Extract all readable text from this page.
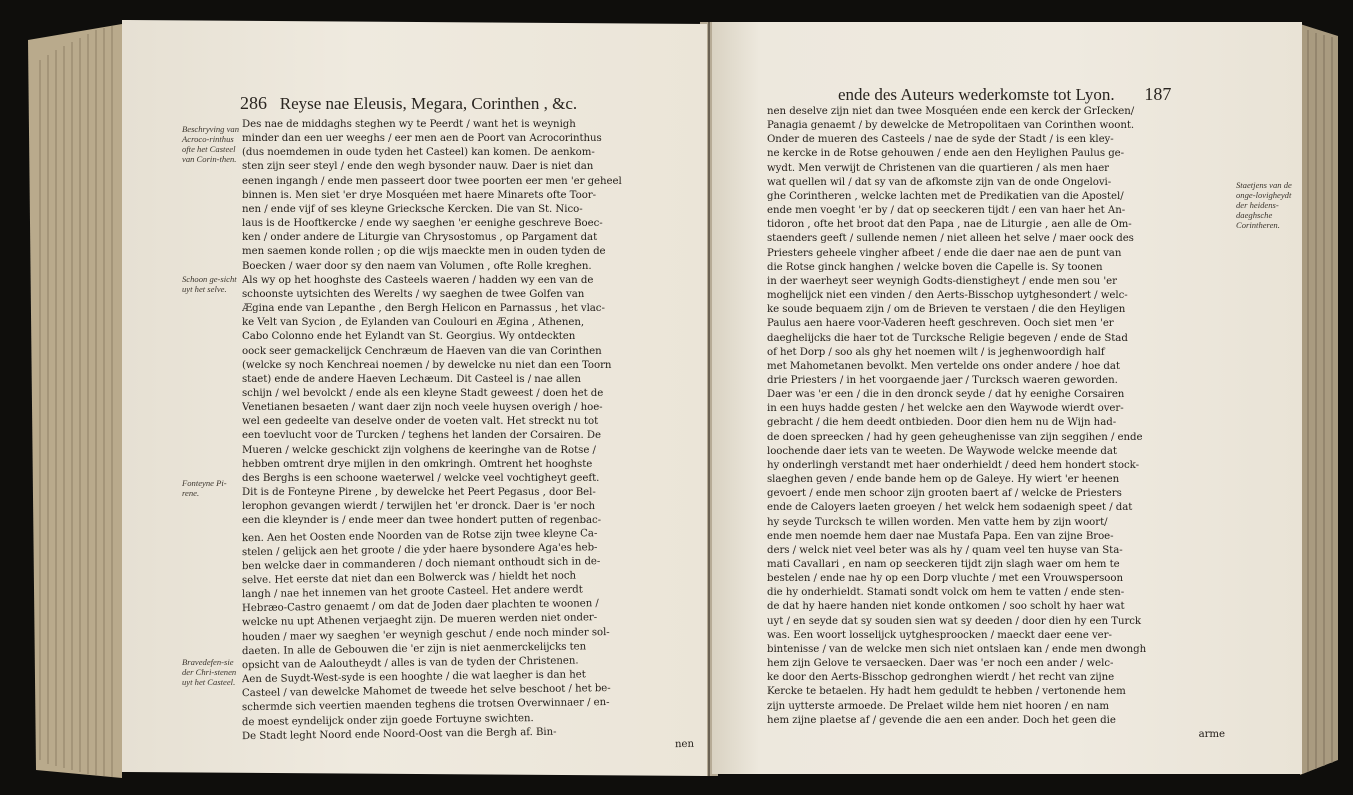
286 Reyse nae Eleusis, Megara, Corinthen , &c.	ende des Auteurs wederkomste tot Lyon. 187
Beschryving van Acroco-rinthus ofte het Casteel van Corin-then.
Schoon ge-sicht uyt het selve.
Fonteyne Pi-rene.
Bravedefen-sie der Chri-stenen uyt het Casteel.
Staetjens van de onge-lovigheydt der heidens-daeghsche Corintheren.

Des nae de middaghs steghen wy te Peerdt / want het is weynigh

minder dan een uer weeghs / eer men aen de Poort van Acrocorinthus

(dus noemdemen in oude tyden het Casteel) kan komen. De aenkom-

sten zijn seer steyl / ende den wegh bysonder nauw. Daer is niet dan

eenen ingangh / ende men passeert door twee poorten eer men 'er geheel

binnen is. Men siet 'er drye Mosquéen met haere Minarets ofte Toor-

nen / ende vijf of ses kleyne Griecksche Kercken. Die van St. Nico-

laus is de Hooftkercke / ende wy saeghen 'er eenighe geschreve Boec-

ken / onder andere de Liturgie van Chrysostomus , op Pargament dat

men saemen konde rollen ; op die wijs maeckte men in ouden tyden de

Boecken / waer door sy den naem van Volumen , ofte Rolle kreghen.

Als wy op het hooghste des Casteels waeren / hadden wy een van de

schoonste uytsichten des Werelts / wy saeghen de twee Golfen van

Ægina ende van Lepanthe , den Bergh Helicon en Parnassus , het vlac-

ke Velt van Sycion , de Eylanden van Coulouri en Ægina , Athenen,

Cabo Colonno ende het Eylandt van St. Georgius. Wy ontdeckten

oock seer gemackelijck Cenchræum de Haeven van die van Corinthen

(welcke sy noch Kenchreai noemen / by dewelcke nu niet dan een Toorn

staet) ende de andere Haeven Lechæum. Dit Casteel is / nae allen

schijn / wel bevolckt / ende als een kleyne Stadt geweest / doen het de

Venetianen besaeten / want daer zijn noch veele huysen overigh / hoe-

wel een gedeelte van deselve onder de voeten valt. Het streckt nu tot

een toevlucht voor de Turcken / teghens het landen der Corsairen. De

Mueren / welcke geschickt zijn volghens de keeringhe van de Rotse /

hebben omtrent drye mijlen in den omkringh. Omtrent het hooghste

des Berghs is een schoone waeterwel / welcke veel vochtigheyt geeft.

Dit is de Fonteyne Pirene , by dewelcke het Peert Pegasus , door Bel-

lerophon gevangen wierdt / terwijlen het 'er dronck. Daer is 'er noch

een die kleynder is / ende meer dan twee hondert putten of regenbac-

ken. Aen het Oosten ende Noorden van de Rotse zijn twee kleyne Ca-

stelen / gelijck aen het groote / die yder haere bysondere Aga'es heb-

ben welcke daer in commanderen / doch niemant onthoudt sich in de-

selve. Het eerste dat niet dan een Bolwerck was / hieldt het noch

langh / nae het innemen van het groote Casteel. Het andere werdt

Hebræo-Castro genaemt / om dat de Joden daer plachten te woonen /

welcke nu upt Athenen verjaeght zijn. De mueren werden niet onder-

houden / maer wy saeghen 'er weynigh geschut / ende noch minder sol-

daeten. In alle de Gebouwen die 'er zijn is niet aenmerckelijcks ten

opsicht van de Aaloutheydt / alles is van de tyden der Christenen.

Aen de Suydt-West-syde is een hooghte / die wat laegher is dan het

Casteel / van dewelcke Mahomet de tweede het selve beschoot / het be-

schermde sich veertien maenden teghens die trotsen Overwinnaer / en-

de moest eyndelijck onder zijn goede Fortuyne swichten.

De Stadt leght Noord ende Noord-Oost van die Bergh af. Bin-

nen

nen deselve zijn niet dan twee Mosquéen ende een kerck der GrIecken/

Panagia genaemt / by dewelcke de Metropolitaen van Corinthen woont.

Onder de mueren des Casteels / nae de syde der Stadt / is een kley-

ne kercke in de Rotse gehouwen / ende aen den Heylighen Paulus ge-

wydt. Men verwijt de Christenen van die quartieren / als men haer

wat quellen wil / dat sy van de afkomste zijn van de onde Ongelovi-

ghe Corintheren , welcke lachten met de Predikatien van die Apostel/

ende men voeght 'er by / dat op seeckeren tijdt / een van haer het An-

tidoron , ofte het broot dat den Papa , nae de Liturgie , aen alle de Om-

staenders geeft / sullende nemen / niet alleen het selve / maer oock des

Priesters geheele vingher afbeet / ende die daer nae aen de punt van

die Rotse ginck hanghen / welcke boven die Capelle is. Sy toonen

in der waerheyt seer weynigh Godts-dienstigheyt / ende men sou 'er

moghelijck niet een vinden / den Aerts-Bisschop uytghesondert / welc-

ke soude bequaem zijn / om de Brieven te verstaen / die den Heyligen

Paulus aen haere voor-Vaderen heeft geschreven. Ooch siet men 'er

daeghelijcks die haer tot de Turcksche Religie begeven / ende de Stad

of het Dorp / soo als ghy het noemen wilt / is jeghenwoordigh half

met Mahometanen bevolkt. Men vertelde ons onder andere / hoe dat

drie Priesters / in het voorgaende jaer / Turcksch waeren geworden.

Daer was 'er een / die in den dronck seyde / dat hy eenighe Corsairen

in een huys hadde gesten / het welcke aen den Waywode wierdt over-

gebracht / die hem deedt ontbieden. Door dien hem nu de Wijn had-

de doen spreecken / had hy geen geheughenisse van zijn seggihen / ende

loochende daer iets van te weeten. De Waywode welcke meende dat

hy onderlingh verstandt met haer onderhieldt / deed hem hondert stock-

slaeghen geven / ende bande hem op de Galeye. Hy wiert 'er heenen

gevoert / ende men schoor zijn grooten baert af / welcke de Priesters

ende de Caloyers laeten groeyen / het welck hem sodaenigh speet / dat

hy seyde Turcksch te willen worden. Men vatte hem by zijn woort/

ende men noemde hem daer nae Mustafa Papa. Een van zijne Broe-

ders / welck niet veel beter was als hy / quam veel ten huyse van Sta-

mati Cavallari , en nam op seeckeren tijdt zijn slagh waer om hem te

bestelen / ende nae hy op een Dorp vluchte / met een Vrouwspersoon

die hy onderhieldt. Stamati sondt volck om hem te vatten / ende sten-

de dat hy haere handen niet konde ontkomen / soo scholt hy haer wat

uyt / en seyde dat sy souden sien wat sy deeden / door dien hy een Turck

was. Een woort losselijck uytghesproocken / maeckt daer eene ver-

bintenisse / van de welcke men sich niet ontslaen kan / ende men dwongh

hem zijn Gelove te versaecken. Daer was 'er noch een ander / welc-

ke door den Aerts-Bisschop gedronghen wierdt / het recht van zijne

Kercke te betaelen. Hy hadt hem geduldt te hebben / vertonende hem

zijn uytterste armoede. De Prelaet wilde hem niet hooren / en nam

hem zijne plaetse af / gevende die aen een ander. Doch het geen die

arme
